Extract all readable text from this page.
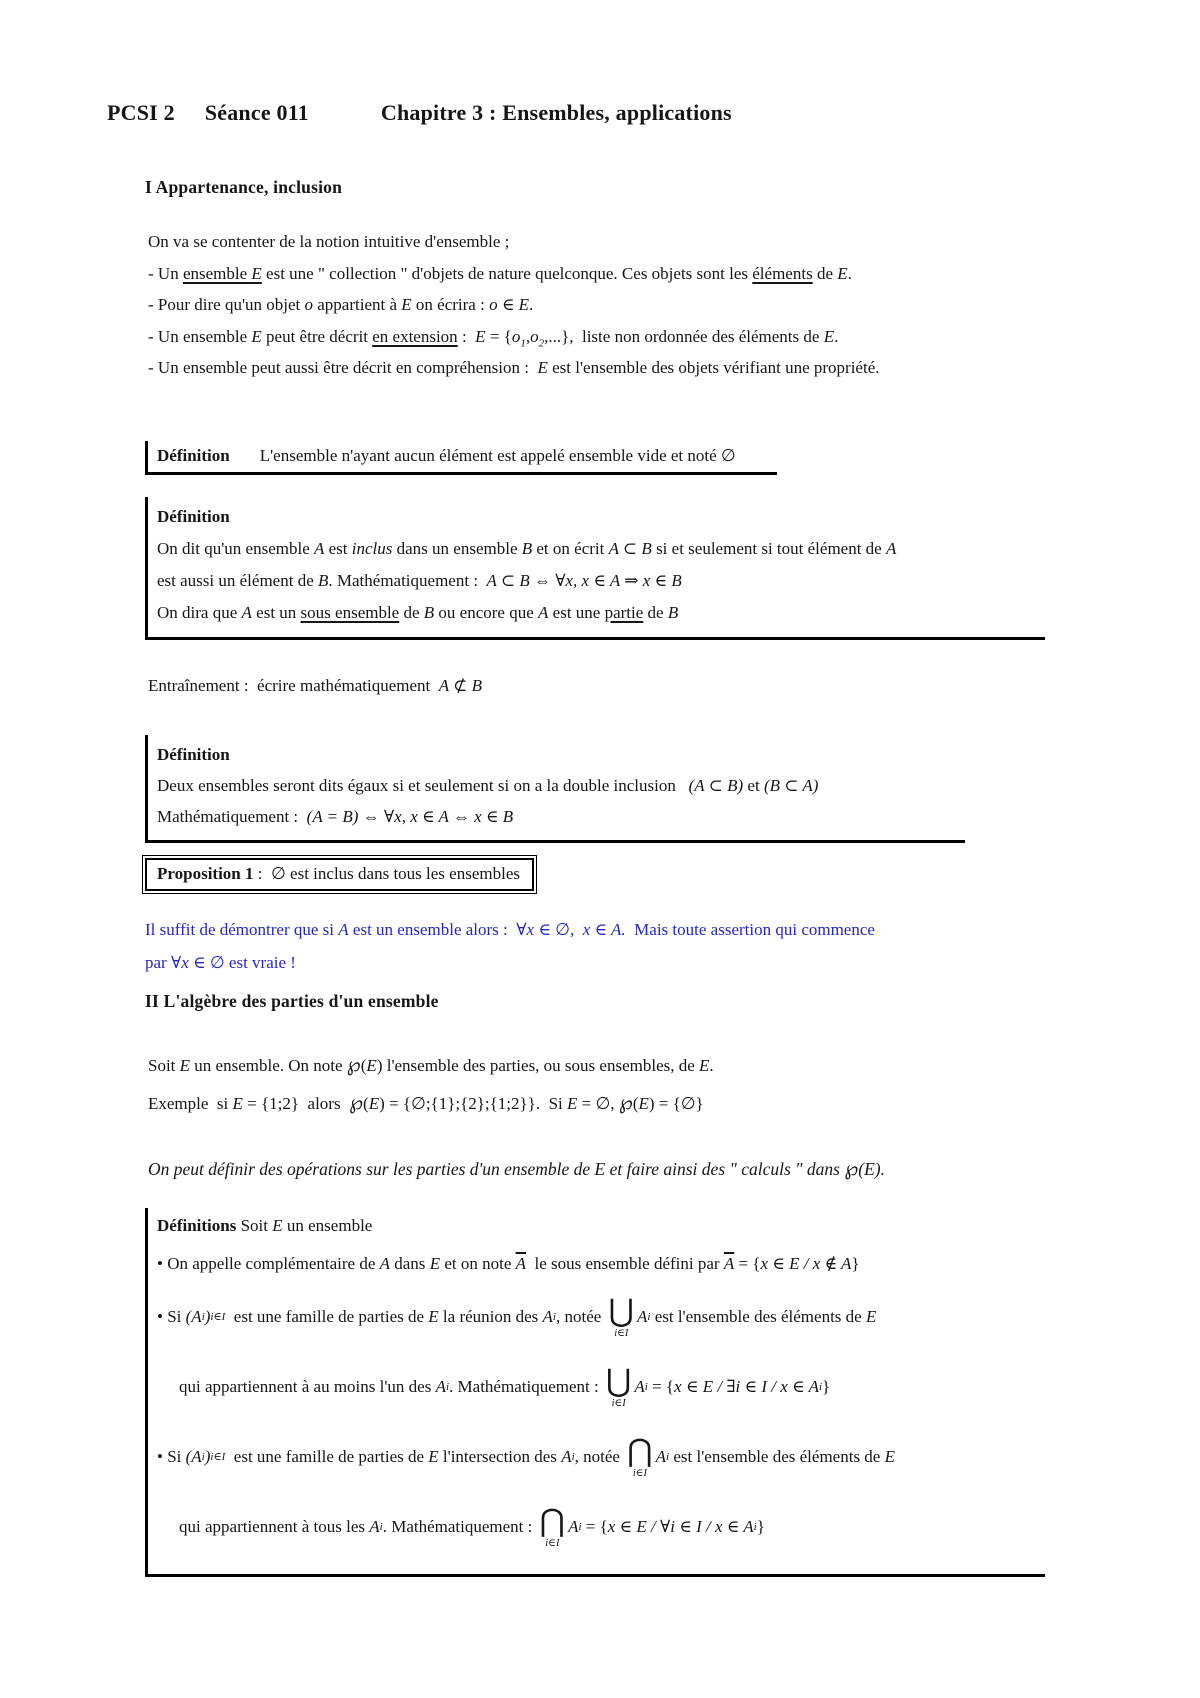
PCSI 2 Séance 011	Chapitre 3 : Ensembles, applications
I Appartenance, inclusion
On va se contenter de la notion intuitive d'ensemble ;
- Un ensemble E est une " collection " d'objets de nature quelconque. Ces objets sont les éléments de E.
- Pour dire qu'un objet o appartient à E on écrira : o ∈ E.
- Un ensemble E peut être décrit en extension :  $E = \{o_1,o_2,...\}$,  liste non ordonnée des éléments de E.
- Un ensemble peut aussi être décrit en compréhension :  E est l'ensemble des objets vérifiant une propriété.
Définition L'ensemble n'ayant aucun élément est appelé ensemble vide et noté ∅
Définition
On dit qu'un ensemble A est inclus dans un ensemble B et on écrit A ⊂ B si et seulement si tout élément de A
est aussi un élément de B. Mathématiquement :  A ⊂ B ⇔ ∀x, x ∈ A ⇒ x ∈ B
On dira que A est un sous ensemble de B ou encore que A est une partie de B
Entraînement :  écrire mathématiquement  A ⊄ B
Définition
Deux ensembles seront dits égaux si et seulement si on a la double inclusion   (A ⊂ B) et (B ⊂ A)
Mathématiquement :  (A = B) ⇔ ∀x, x ∈ A ⇔ x ∈ B
Proposition 1 :  ∅ est inclus dans tous les ensembles
Il suffit de démontrer que si A est un ensemble alors :  ∀x ∈ ∅,  x ∈ A.  Mais toute assertion qui commence
par ∀x ∈ ∅ est vraie !
II L'algèbre des parties d'un ensemble
Soit E un ensemble. On note ℘(E) l'ensemble des parties, ou sous ensembles, de E.
Exemple  si E = {1;2}  alors  ℘(E) = {∅;{1};{2};{1;2}}.  Si E = ∅, ℘(E) = {∅}
On peut définir des opérations sur les parties d'un ensemble de E et faire ainsi des " calculs " dans ℘(E).
Définitions Soit E un ensemble
• On appelle complémentaire de A dans E et on note $\overline{A}$  le sous ensemble défini par $\overline{A} = \{x$ ∈ E / x ∉ A}
• Si (A i ) i∈I est une famille de parties de E la réunion des A i , notée ⋃
i∈I
A i est l'ensemble des éléments de E
qui appartiennent à au moins l'un des A i . Mathématiquement : ⋃
i∈I
A i = { x ∈ E / ∃i ∈ I / x ∈ A i }
• Si (A i ) i∈I est une famille de parties de E l'intersection des A i , notée ⋂
i∈I
A i est l'ensemble des éléments de E
qui appartiennent à tous les A i . Mathématiquement : ⋂
i∈I
A i = { x ∈ E / ∀i ∈ I / x ∈ A i }
